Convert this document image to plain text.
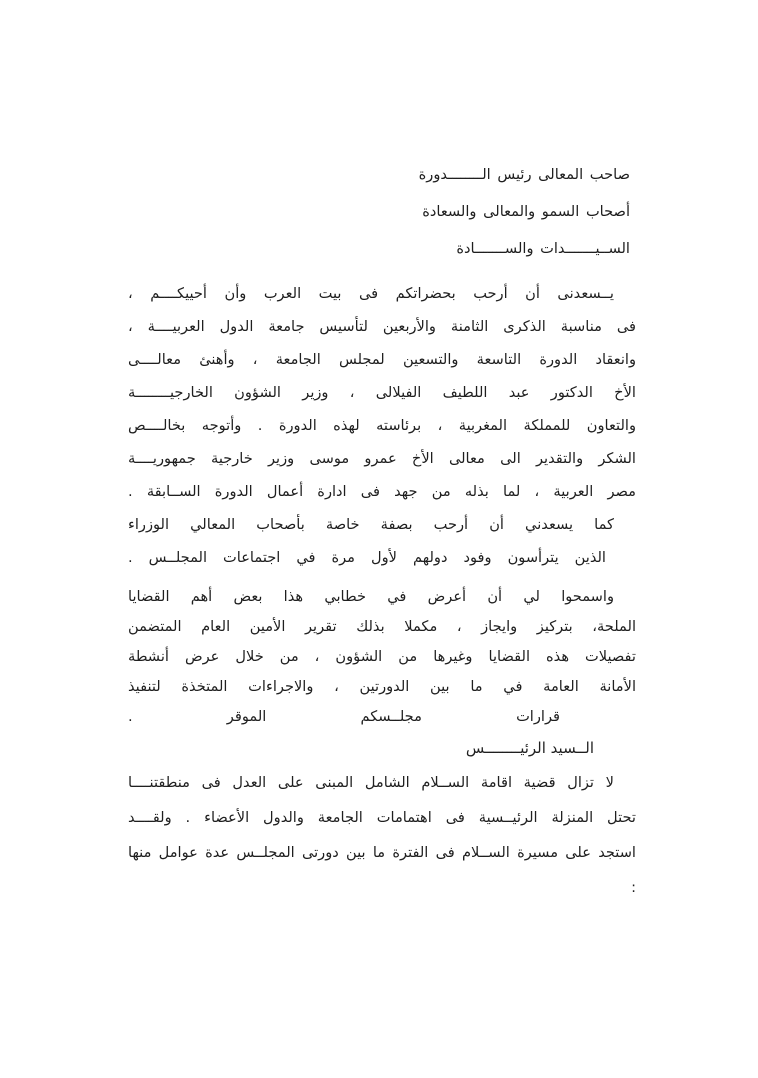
صاحب المعالى رئيس الــــــــدورة
أصحاب السمو والمعالى والسعادة
الســيـــــــدات والســـــــادة
يــسعدنى أن أرحب بحضراتكم فى بيت العرب وأن أحييكــــم ،
فى مناسبة الذكرى الثامنة والأربعين لتأسيس جامعة الدول العربيــــة ،
وانعقاد الدورة التاسعة والتسعين لمجلس الجامعة ، وأهنئ معالــــى
الأخ الدكتور عبد اللطيف الفيلالى ، وزير الشؤون الخارجيــــــــة
والتعاون للمملكة المغربية ، برئاسته لهذه الدورة . وأتوجه بخالــــص
الشكر والتقدير الى معالى الأخ عمرو موسى وزير خارجية جمهوريــــة
مصر العربية ، لما بذله من جهد فى ادارة أعمال الدورة الســابقة .
كما يسعدني أن أرحب بصفة خاصة بأصحاب المعالي الوزراء
الذين يترأسون وفود دولهم لأول مرة في اجتماعات المجلــس .
واسمحوا لي أن أعرض في خطابي هذا بعض أهم القضايا
الملحة، بتركيز وايجاز ، مكملا بذلك تقرير الأمين العام المتضمن
تفصيلات هذه القضايا وغيرها من الشؤون ، من خلال عرض أنشطة
الأمانة العامة في ما بين الدورتين ، والاجراءات المتخذة لتنفيذ
قرارات مجلــسكم الموقر .
الــسيد الرئيــــــــس
لا تزال قضية اقامة الســلام الشامل المبنى على العدل فى منطقتنــــا
تحتل المنزلة الرئيــسية فى اهتمامات الجامعة والدول الأعضاء . ولقــــد
استجد على مسيرة الســلام فى الفترة ما بين دورتى المجلــس عدة عوامل منها :
